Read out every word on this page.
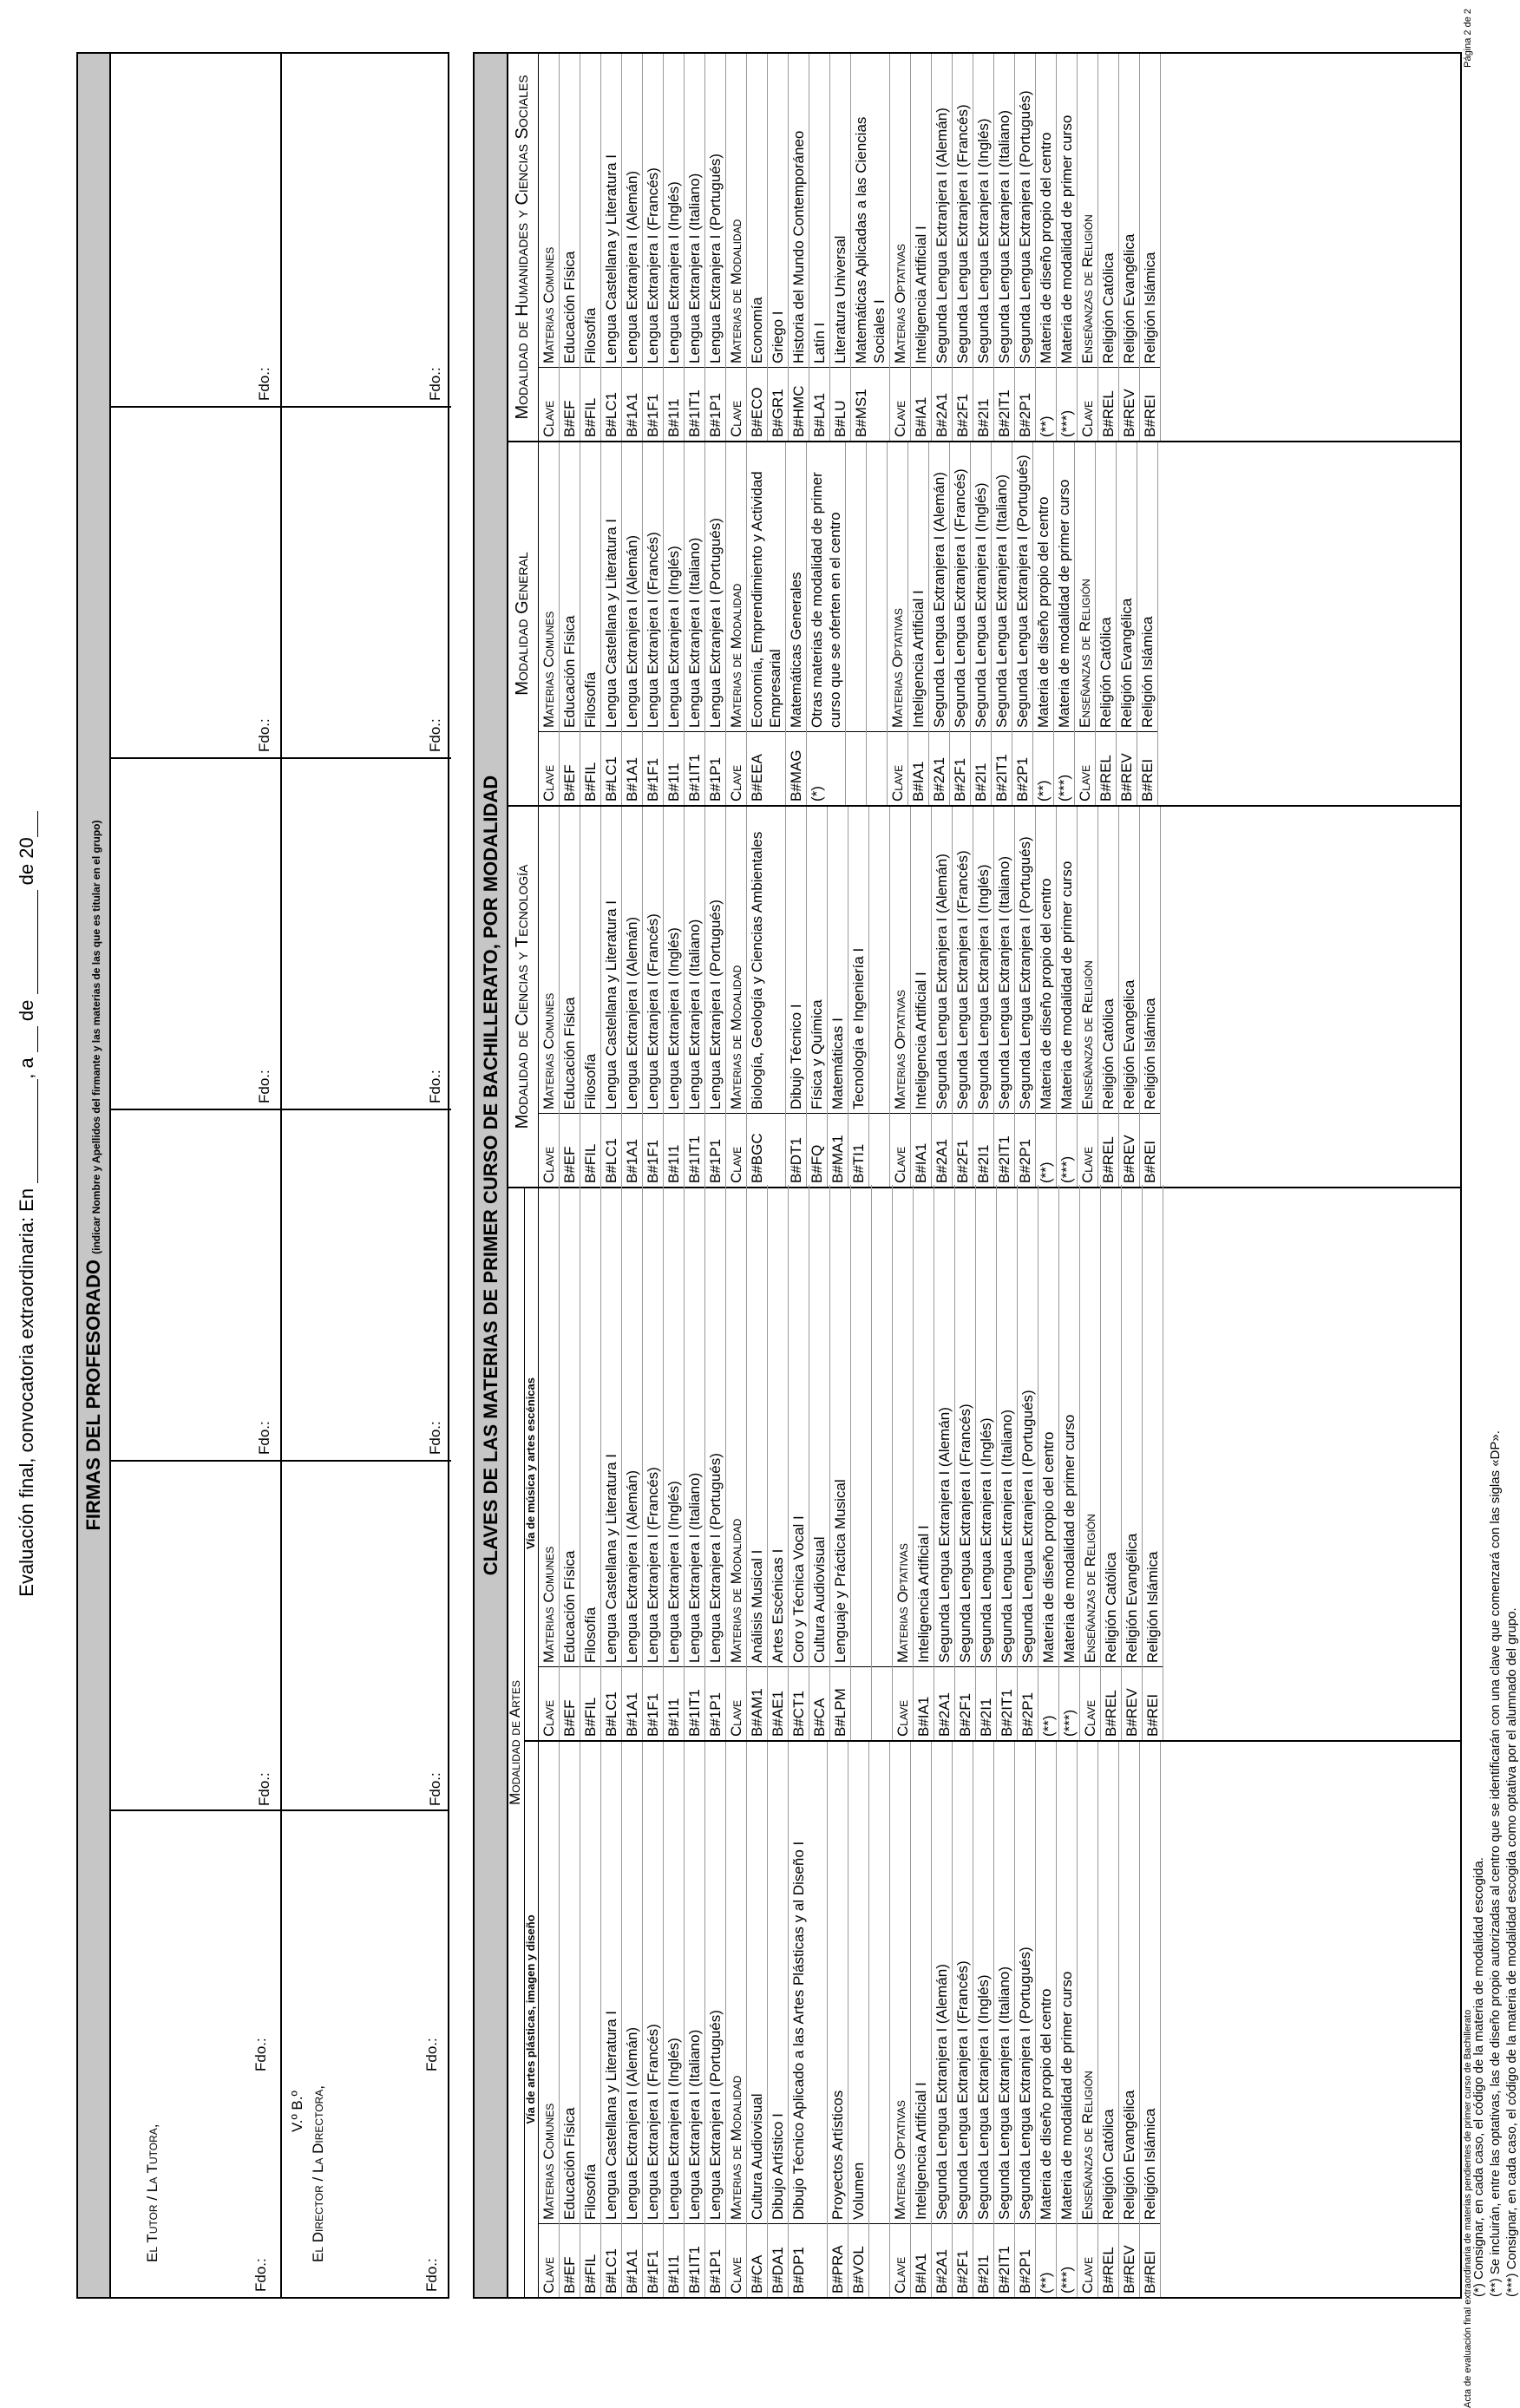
Evaluación final, convocatoria extraordinaria: En , a  de  de 20
FIRMAS DEL PROFESORADO (indicar Nombre y Apellidos del firmante y las materias de las que es titular en el grupo)
El Tutor / La Tutora,
Fdo.:
Fdo.:
V.º B.º El Director / La Directora,
Fdo.:
Fdo.:
Fdo.:
Fdo.:
Fdo.:
Fdo.:
Fdo.:
Fdo.:
Fdo.:
Fdo.:
Fdo.:
Fdo.:
CLAVES DE LAS MATERIAS DE PRIMER CURSO DE BACHILLERATO, POR MODALIDAD
Modalidad de Artes
Vía de artes plásticas, imagen y diseño
Vía de música y artes escénicas
Clave	Materias Comunes
B#EF	Educación Física
B#FIL	Filosofía
B#LC1	Lengua Castellana y Literatura I
B#1A1	Lengua Extranjera I (Alemán)
B#1F1	Lengua Extranjera I (Francés)
B#1I1	Lengua Extranjera I (Inglés)
B#1IT1	Lengua Extranjera I (Italiano)
B#1P1	Lengua Extranjera I (Portugués)
Clave	Materias de Modalidad
B#CA	Cultura Audiovisual
B#DA1	Dibujo Artístico I
B#DP1	Dibujo Técnico Aplicado a las Artes Plásticas y al Diseño I
B#PRA	Proyectos Artísticos
B#VOL	Volumen

Clave	Materias Optativas
B#IA1	Inteligencia Artificial I
B#2A1	Segunda Lengua Extranjera I (Alemán)
B#2F1	Segunda Lengua Extranjera I (Francés)
B#2I1	Segunda Lengua Extranjera I (Inglés)
B#2IT1	Segunda Lengua Extranjera I (Italiano)
B#2P1	Segunda Lengua Extranjera I (Portugués)
(**)	Materia de diseño propio del centro
(***)	Materia de modalidad de primer curso
Clave	Enseñanzas de Religión
B#REL	Religión Católica
B#REV	Religión Evangélica
B#REI	Religión Islámica
Clave	Materias Comunes
B#EF	Educación Física
B#FIL	Filosofía
B#LC1	Lengua Castellana y Literatura I
B#1A1	Lengua Extranjera I (Alemán)
B#1F1	Lengua Extranjera I (Francés)
B#1I1	Lengua Extranjera I (Inglés)
B#1IT1	Lengua Extranjera I (Italiano)
B#1P1	Lengua Extranjera I (Portugués)
Clave	Materias de Modalidad
B#AM1	Análisis Musical I
B#AE1	Artes Escénicas I
B#CT1	Coro y Técnica Vocal I
B#CA	Cultura Audiovisual
B#LPM	Lenguaje y Práctica Musical

Clave	Materias Optativas
B#IA1	Inteligencia Artificial I
B#2A1	Segunda Lengua Extranjera I (Alemán)
B#2F1	Segunda Lengua Extranjera I (Francés)
B#2I1	Segunda Lengua Extranjera I (Inglés)
B#2IT1	Segunda Lengua Extranjera I (Italiano)
B#2P1	Segunda Lengua Extranjera I (Portugués)
(**)	Materia de diseño propio del centro
(***)	Materia de modalidad de primer curso
Clave	Enseñanzas de Religión
B#REL	Religión Católica
B#REV	Religión Evangélica
B#REI	Religión Islámica
Modalidad de Ciencias y Tecnología
Clave	Materias Comunes
B#EF	Educación Física
B#FIL	Filosofía
B#LC1	Lengua Castellana y Literatura I
B#1A1	Lengua Extranjera I (Alemán)
B#1F1	Lengua Extranjera I (Francés)
B#1I1	Lengua Extranjera I (Inglés)
B#1IT1	Lengua Extranjera I (Italiano)
B#1P1	Lengua Extranjera I (Portugués)
Clave	Materias de Modalidad
B#BGC	Biología, Geología y Ciencias Ambientales
B#DT1	Dibujo Técnico I
B#FQ	Física y Química
B#MA1	Matemáticas I
B#TI1	Tecnología e Ingeniería I

Clave	Materias Optativas
B#IA1	Inteligencia Artificial I
B#2A1	Segunda Lengua Extranjera I (Alemán)
B#2F1	Segunda Lengua Extranjera I (Francés)
B#2I1	Segunda Lengua Extranjera I (Inglés)
B#2IT1	Segunda Lengua Extranjera I (Italiano)
B#2P1	Segunda Lengua Extranjera I (Portugués)
(**)	Materia de diseño propio del centro
(***)	Materia de modalidad de primer curso
Clave	Enseñanzas de Religión
B#REL	Religión Católica
B#REV	Religión Evangélica
B#REI	Religión Islámica
Modalidad General
Clave	Materias Comunes
B#EF	Educación Física
B#FIL	Filosofía
B#LC1	Lengua Castellana y Literatura I
B#1A1	Lengua Extranjera I (Alemán)
B#1F1	Lengua Extranjera I (Francés)
B#1I1	Lengua Extranjera I (Inglés)
B#1IT1	Lengua Extranjera I (Italiano)
B#1P1	Lengua Extranjera I (Portugués)
Clave	Materias de Modalidad
B#EEA	Economía, Emprendimiento y Actividad Empresarial
B#MAG	Matemáticas Generales
(*)	Otras materias de modalidad de primer curso que se oferten en el centro

Clave	Materias Optativas
B#IA1	Inteligencia Artificial I
B#2A1	Segunda Lengua Extranjera I (Alemán)
B#2F1	Segunda Lengua Extranjera I (Francés)
B#2I1	Segunda Lengua Extranjera I (Inglés)
B#2IT1	Segunda Lengua Extranjera I (Italiano)
B#2P1	Segunda Lengua Extranjera I (Portugués)
(**)	Materia de diseño propio del centro
(***)	Materia de modalidad de primer curso
Clave	Enseñanzas de Religión
B#REL	Religión Católica
B#REV	Religión Evangélica
B#REI	Religión Islámica
Modalidad de Humanidades y Ciencias Sociales Clave	Materias Comunes
B#EF	Educación Física
B#FIL	Filosofía
B#LC1	Lengua Castellana y Literatura I
B#1A1	Lengua Extranjera I (Alemán)
B#1F1	Lengua Extranjera I (Francés)
B#1I1	Lengua Extranjera I (Inglés)
B#1IT1	Lengua Extranjera I (Italiano)
B#1P1	Lengua Extranjera I (Portugués)
Clave	Materias de Modalidad
B#ECO	Economía
B#GR1	Griego I
B#HMC	Historia del Mundo Contemporáneo
B#LA1	Latín I
B#LU	Literatura Universal
B#MS1	Matemáticas Aplicadas a las Ciencias Sociales I
Clave	Materias Optativas
B#IA1	Inteligencia Artificial I
B#2A1	Segunda Lengua Extranjera I (Alemán)
B#2F1	Segunda Lengua Extranjera I (Francés)
B#2I1	Segunda Lengua Extranjera I (Inglés)
B#2IT1	Segunda Lengua Extranjera I (Italiano)
B#2P1	Segunda Lengua Extranjera I (Portugués)
(**)	Materia de diseño propio del centro
(***)	Materia de modalidad de primer curso
Clave	Enseñanzas de Religión
B#REL	Religión Católica
B#REV	Religión Evangélica
B#REI	Religión Islámica
(*) Consignar, en cada caso, el código de la materia de modalidad escogida. (**) Se incluirán, entre las optativas, las de diseño propio autorizadas al centro que se identificarán con una clave que comenzará con las siglas «DP». (***) Consignar, en cada caso, el código de la materia de modalidad escogida como optativa por el alumnado del grupo.
Acta de evaluación final extraordinaria de materias pendientes de primer curso de Bachillerato
Página 2 de 2
